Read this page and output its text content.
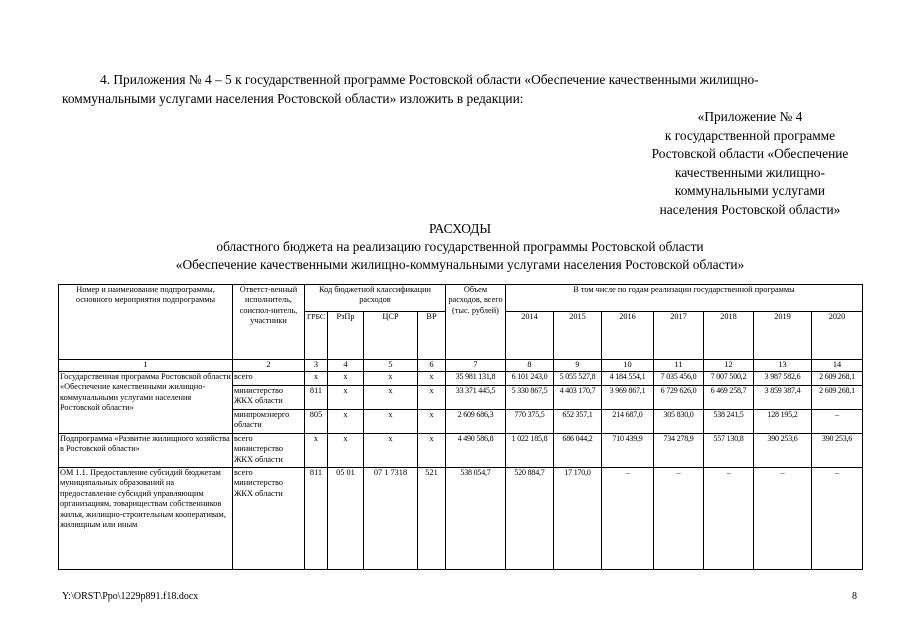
4. Приложения № 4 – 5 к государственной программе Ростовской области «Обеспечение качественными жилищно-
коммунальными услугами населения Ростовской области» изложить в редакции:
«Приложение № 4
к государственной программе
Ростовской области «Обеспечение
качественными жилищно-
коммунальными услугами
населения Ростовской области»
РАСХОДЫ
областного бюджета на реализацию государственной программы Ростовской области
«Обеспечение качественными жилищно-коммунальными услугами населения Ростовской области»
Номер и наименование подпрограммы, основного мероприятия подпрограммы	Ответст-венный исполнитель, соиспол-нитель, участники	Код бюджетной классификации расходов				Объем расходов, всего (тыс. рублей)	В том числе по годам реализации государственной программы						
		ГРБС	РзПр	ЦСР	ВР		2014	2015	2016	2017	2018	2019	2020
1	2	3	4	5	6	7	8	9	10	11	12	13	14
Государственная программа Ростовской области «Обеспечение качественными жилищно-коммунальными услугами населения Ростовской области»	всего	x	x	x	x	35 981 131,8	6 101 243,0	5 055 527,8	4 184 554,1	7 035 456,0	7 007 500,2	3 987 582,6	2 609 268,1
	министерство ЖКХ области	811	x	x	x	33 371 445,5	5 330 867,5	4 403 170,7	3 969 867,1	6 729 626,0	6 469 258,7	3 859 387,4	2 609 268,1
	минпромэнерго области	805	x	x	x	2 609 686,3	770 375,5	652 357,1	214 687,0	305 830,0	538 241,5	128 195,2	–
Подпрограмма «Развитие жилищного хозяйства в Ростовской области»	всего министерство ЖКХ области	x	x	x	x	4 490 586,8	1 022 185,8	686 044,2	710 439,9	734 278,9	557 130,8	390 253,6	390 253,6
ОМ 1.1. Предоставление субсидий бюджетам муниципальных образований на предоставление субсидий управляющим организациям, товариществам собственников жилья, жилищно-строительным кооперативам, жилищным или иным	всего министерство ЖКХ области	811	05 01	07 1 7318	521	538 054,7	520 884,7	17 170,0	–	–	–	–	–
Y:\ORST\Ppo\1229p891.f18.docx	8
